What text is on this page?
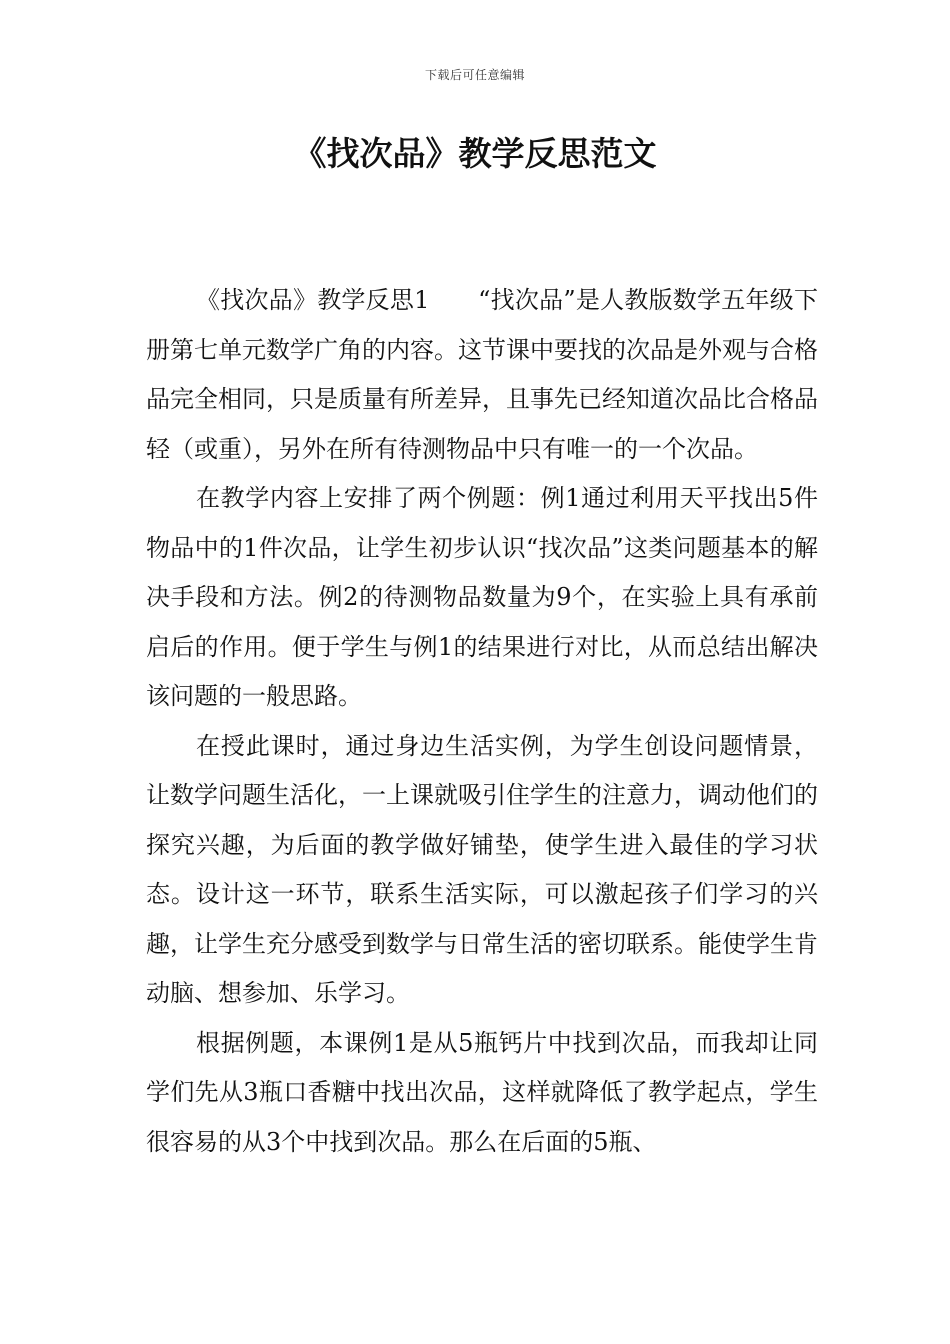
下载后可任意编辑
《找次品》教学反思范文

《找次品》教学反思1　　“找次品”是人教版数学五年级下册第七单元数学广角的内容。这节课中要找的次品是外观与合格品完全相同，只是质量有所差异，且事先已经知道次品比合格品轻（或重），另外在所有待测物品中只有唯一的一个次品。

在教学内容上安排了两个例题：例1通过利用天平找出5件物品中的1件次品，让学生初步认识“找次品”这类问题基本的解决手段和方法。例2的待测物品数量为9个，在实验上具有承前启后的作用。便于学生与例1的结果进行对比，从而总结出解决该问题的一般思路。

在授此课时，通过身边生活实例，为学生创设问题情景，让数学问题生活化，一上课就吸引住学生的注意力，调动他们的探究兴趣，为后面的教学做好铺垫，使学生进入最佳的学习状态。设计这一环节，联系生活实际，可以激起孩子们学习的兴趣，让学生充分感受到数学与日常生活的密切联系。能使学生肯动脑、想参加、乐学习。

根据例题，本课例1是从5瓶钙片中找到次品，而我却让同学们先从3瓶口香糖中找出次品，这样就降低了教学起点，学生很容易的从3个中找到次品。那么在后面的5瓶、
